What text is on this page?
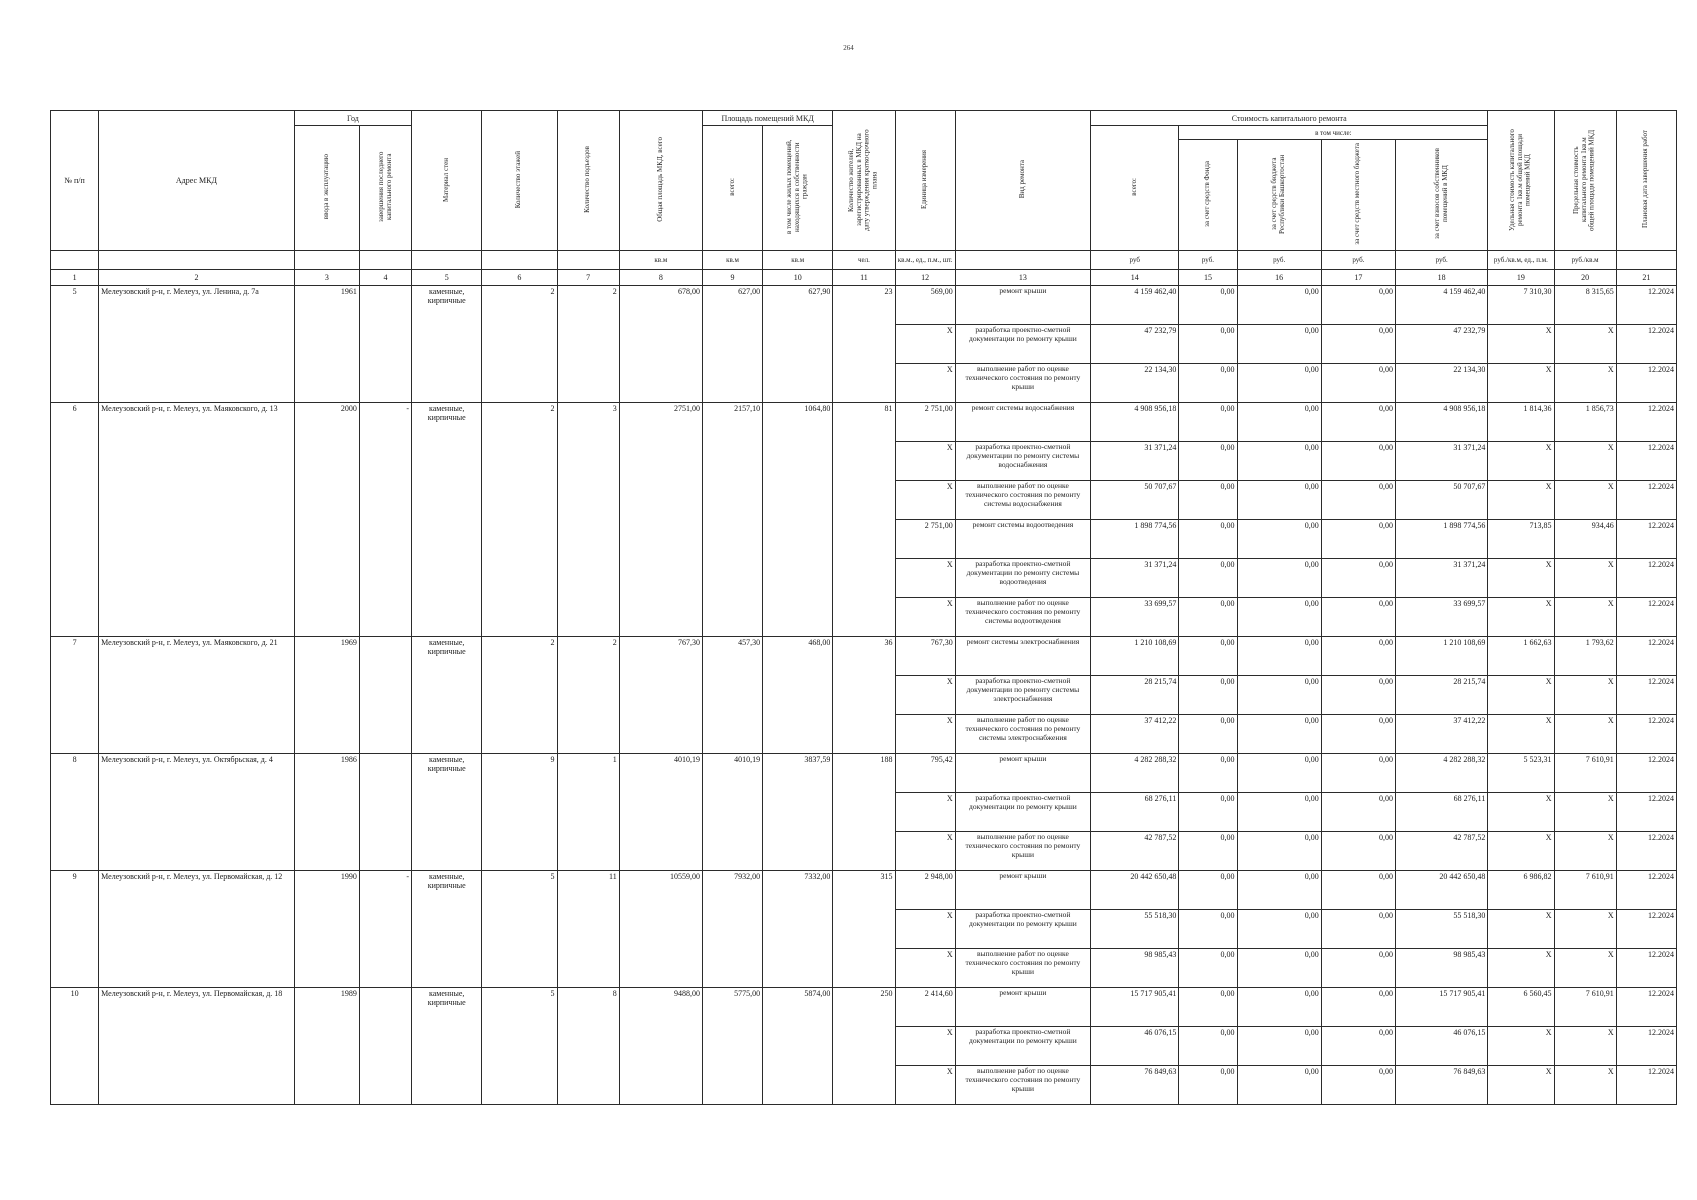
264
№ п/п	Адрес МКД	Год		Материал стен	Количество этажей	Количество подъездов	Общая площадь МКД, всего	Площадь помещений МКД		Количество жителей, зарегистрированных в МКД на дату утверждения краткосрочного плана	Единица измерения	Вид ремонта	Стоимость капитального ремонта					Удельная стоимость капитального ремонта 1кв.м общей площади помещений МКД	Предельная стоимость капитального ремонта 1кв.м общей площади помещений МКД	Плановая дата завершения работ
		ввода в эксплуатацию	завершения последнего капитального ремонта					всего:	в том числе жилых помещений, находящихся в собственности граждан				всего:	в том числе:						
														за счет средств Фонда	за счет средств бюджета Республики Башкортостан	за счет средств местного бюджета	за счет взносов собственников помещений в МКД			
							кв.м	кв.м	кв.м	чел.	кв.м., ед., п.м., шт.		руб	руб.	руб.	руб.	руб.	руб./кв.м, ед., п.м.	руб./кв.м	
1	2	3	4	5	6	7	8	9	10	11	12	13	14	15	16	17	18	19	20	21
5	Мелеузовский р-н, г. Мелеуз, ул. Ленина, д. 7а	1961		каменные, кирпичные	2	2	678,00	627,00	627,90	23	569,00	ремонт крыши	4 159 462,40	0,00	0,00	0,00	4 159 462,40	7 310,30	8 315,65	12.2024
											X	разработка проектно-сметной документации по ремонту крыши	47 232,79	0,00	0,00	0,00	47 232,79	X	X	12.2024
											X	выполнение работ по оценке технического состояния по ремонту крыши	22 134,30	0,00	0,00	0,00	22 134,30	X	X	12.2024
6	Мелеузовский р-н, г. Мелеуз, ул. Маяковского, д. 13	2000	-	каменные, кирпичные	2	3	2751,00	2157,10	1064,80	81	2 751,00	ремонт системы водоснабжения	4 908 956,18	0,00	0,00	0,00	4 908 956,18	1 814,36	1 856,73	12.2024
											X	разработка проектно-сметной документации по ремонту системы водоснабжения	31 371,24	0,00	0,00	0,00	31 371,24	X	X	12.2024
											X	выполнение работ по оценке технического состояния по ремонту системы водоснабжения	50 707,67	0,00	0,00	0,00	50 707,67	X	X	12.2024
											2 751,00	ремонт системы водоотведения	1 898 774,56	0,00	0,00	0,00	1 898 774,56	713,85	934,46	12.2024
											X	разработка проектно-сметной документации по ремонту системы водоотведения	31 371,24	0,00	0,00	0,00	31 371,24	X	X	12.2024
											X	выполнение работ по оценке технического состояния по ремонту системы водоотведения	33 699,57	0,00	0,00	0,00	33 699,57	X	X	12.2024
7	Мелеузовский р-н, г. Мелеуз, ул. Маяковского, д. 21	1969		каменные, кирпичные	2	2	767,30	457,30	468,00	36	767,30	ремонт системы электроснабжения	1 210 108,69	0,00	0,00	0,00	1 210 108,69	1 662,63	1 793,62	12.2024
											X	разработка проектно-сметной документации по ремонту системы электроснабжения	28 215,74	0,00	0,00	0,00	28 215,74	X	X	12.2024
											X	выполнение работ по оценке технического состояния по ремонту системы электроснабжения	37 412,22	0,00	0,00	0,00	37 412,22	X	X	12.2024
8	Мелеузовский р-н, г. Мелеуз, ул. Октябрьская, д. 4	1986		каменные, кирпичные	9	1	4010,19	4010,19	3837,59	188	795,42	ремонт крыши	4 282 288,32	0,00	0,00	0,00	4 282 288,32	5 523,31	7 610,91	12.2024
											X	разработка проектно-сметной документации по ремонту крыши	68 276,11	0,00	0,00	0,00	68 276,11	X	X	12.2024
											X	выполнение работ по оценке технического состояния по ремонту крыши	42 787,52	0,00	0,00	0,00	42 787,52	X	X	12.2024
9	Мелеузовский р-н, г. Мелеуз, ул. Первомайская, д. 12	1990	-	каменные, кирпичные	5	11	10559,00	7932,00	7332,00	315	2 948,00	ремонт крыши	20 442 650,48	0,00	0,00	0,00	20 442 650,48	6 986,82	7 610,91	12.2024
											X	разработка проектно-сметной документации по ремонту крыши	55 518,30	0,00	0,00	0,00	55 518,30	X	X	12.2024
											X	выполнение работ по оценке технического состояния по ремонту крыши	98 985,43	0,00	0,00	0,00	98 985,43	X	X	12.2024
10	Мелеузовский р-н, г. Мелеуз, ул. Первомайская, д. 18	1989		каменные, кирпичные	5	8	9488,00	5775,00	5874,00	250	2 414,60	ремонт крыши	15 717 905,41	0,00	0,00	0,00	15 717 905,41	6 560,45	7 610,91	12.2024
											X	разработка проектно-сметной документации по ремонту крыши	46 076,15	0,00	0,00	0,00	46 076,15	X	X	12.2024
											X	выполнение работ по оценке технического состояния по ремонту крыши	76 849,63	0,00	0,00	0,00	76 849,63	X	X	12.2024
